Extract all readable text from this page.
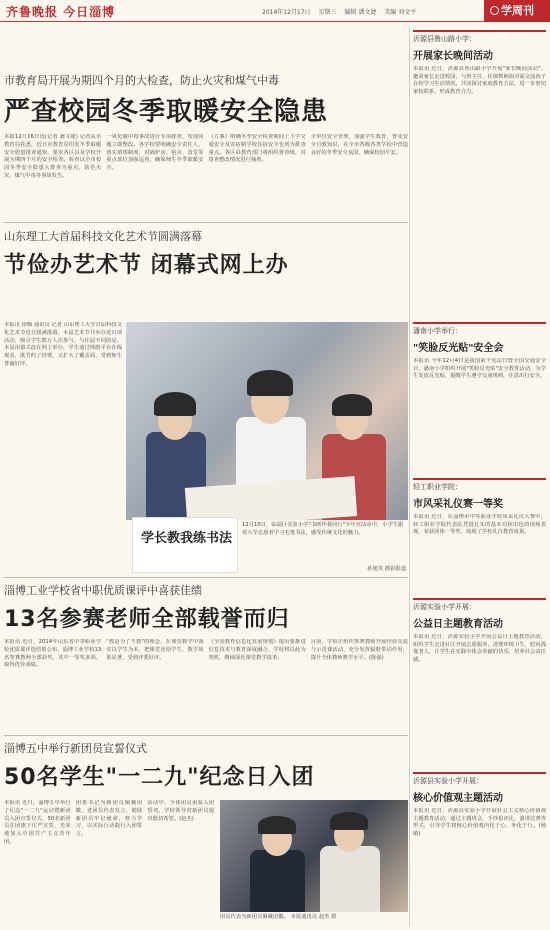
齐鲁晚报 今日淄博	2014年12月17日 星期三 编辑 潘文婕 美编 刘文平	学周刊C05
市教育局开展为期四个月的大检查，防止火灾和煤气中毒
严查校园冬季取暖安全隐患
本报12月16日讯(记者 潘文婕) 记者从市教育局获悉，近日市教育局印发冬季取暖安全隐患排查通知，要求各区县及学校开展为期四个月的安全检查。检查以全市校园冬季安全隐患大排查为重点，防范火灾、煤气中毒等事故发生。
一氧化碳中毒事故进行专项排查，发现问题立即整改。各学校要明确安全责任人，落实值班制度，对锅炉房、宿舍、食堂等重点部位加强巡查，确保师生冬季取暖安全。
《方案》明确冬季安全检查期间上下学交通安全及寄宿制学校住宿安全也列为排查重点。各区县教育部门将组织督查组，对排查整改情况进行抽查。
全单位安全管理，加强学生教育，普及安全自救知识，在全市各级各类学校中营造良好的冬季安全氛围，确保校园平安。
山东理工大首届科技文化艺术节圆满落幕
节俭办艺术节 闭幕式网上办
本报讯 徐梅 通讯员 记者 山东理工大学首届科技文化艺术节近日圆满落幕。本届艺术节共举办近百项活动，吸引学生数万人次参与。与往届不同的是，本届闭幕式改在网上举办，学生通过网络平台在线观看，既节约了经费，又扩大了覆盖面，受到师生普遍好评。
学长教我练书法
12月10日，临淄区实验小学"书画伴我同行"少年宫活动中，小学生跟着大学志愿者学习毛笔书法，感受传统文化的魅力。
孙旭英 摄影报道
淄博工业学校省中职优质课评中喜获佳绩
13名参赛老师全部载誉而归
本报讯 近日，2014年山东省中等职业学校优质课评选结果公布，淄博工业学校13名参赛教师全部获奖，其中一等奖多项，取得优异成绩。
"教是为了不教"的理念，在课堂教学中落实以学生为本，把课堂还给学生，教学效果显著，受到评委好评。
《全国教育信息化发展规划》提出要推进信息技术与教育深度融合，学校将以此为契机，继续深化课堂教学改革。
目前，学校正组织参赛教师开展经验交流与示范课活动，充分发挥辐射带动作用，提升全体教师教学水平。(陈强)
淄博五中举行新团员宣誓仪式
50名学生"一二九"纪念日入团
本报讯 近日，淄博五中举行了纪念"一二九"运动暨新团员入团宣誓仪式，50名新团员在团旗下庄严宣誓，光荣地加入中国共产主义青年团。
团委书记为新团员佩戴团徽，老团员代表发言，勉励新团员牢记使命，努力学习，以实际行动践行入团誓言。
活动中，全体团员重温入团誓词，学校领导对新团员提出殷切希望。(赵杰)
团员代表为新团员佩戴团徽。 本报通讯员 赵杰 摄
沂源县鲁山路小学：
开展家长晚间活动
本报讯 近日，沂源县鲁山路小学开展"家长晚间活动"，邀请家长走进校园，与班主任、任课教师面对面交流孩子在校学习生活情况，共同探讨家庭教育方法，进一步密切家校联系，形成教育合力。
潘南小学举行：
"笑脸反光贴"安全会
本报讯 今年12月4日是我国第个宪法日暨全国交通安全日，潘南小学组织开展"笑脸反光贴"安全教育活动，为学生发放反光贴，提醒学生遵守交通规则，注意出行安全。
轻工职业学院：
市风采礼仪赛一等奖
本报讯 近日，在淄博市中等职业学校风采礼仪大赛中，轻工职业学院代表队凭借扎实的基本功和出色的现场表现，荣获团体一等奖，展现了学校礼仪教育成果。
沂源实验小学开展：
公益日主题教育活动
本报讯 近日，沂源实验小学开展公益日主题教育活动，组织学生走进社区开展志愿服务，清理环境卫生，慰问孤寡老人，让学生在实践中体会奉献的快乐，培养社会责任感。
沂源县实验小学开展：
核心价值观主题活动
本报讯 近日，沂源县实验小学开展社会主义核心价值观主题教育活动，通过主题班会、手抄报评比、演讲比赛等形式，引导学生将核心价值观内化于心、外化于行。(杨敏)
